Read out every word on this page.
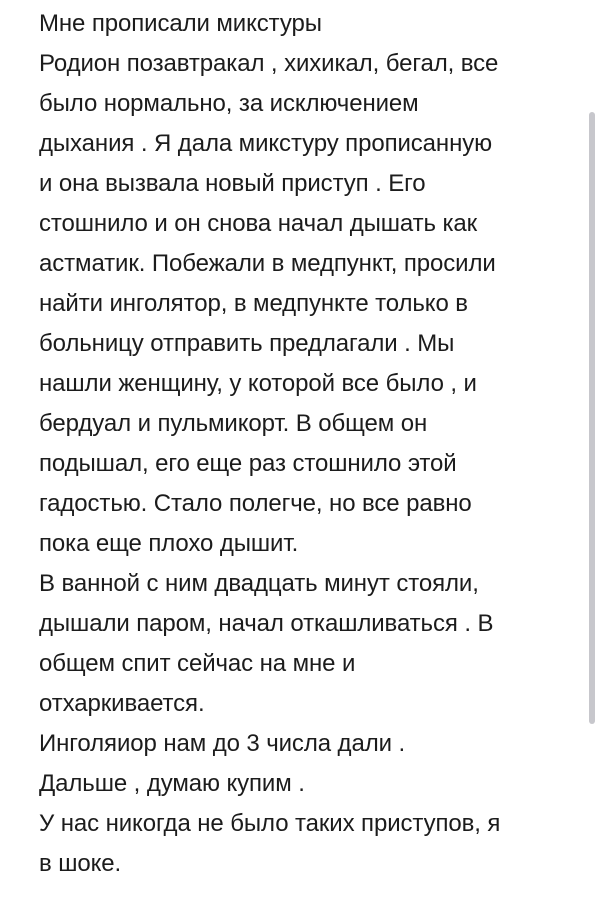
Мне прописали микстуры
Родион позавтракал , хихикал, бегал, все
было нормально, за исключением
дыхания . Я дала микстуру прописанную
и она вызвала новый приступ . Его
стошнило и он снова начал дышать как
астматик. Побежали в медпункт, просили
найти инголятор, в медпункте только в
больницу отправить предлагали . Мы
нашли женщину, у которой все было , и
бердуал и пульмикорт. В общем он
подышал, его еще раз стошнило этой
гадостью. Стало полегче, но все равно
пока еще плохо дышит.
В ванной с ним двадцать минут стояли,
дышали паром, начал откашливаться . В
общем спит сейчас на мне и
отхаркивается.
Инголяиор нам до 3 числа дали .
Дальше , думаю купим .
У нас никогда не было таких приступов, я
в шоке.
